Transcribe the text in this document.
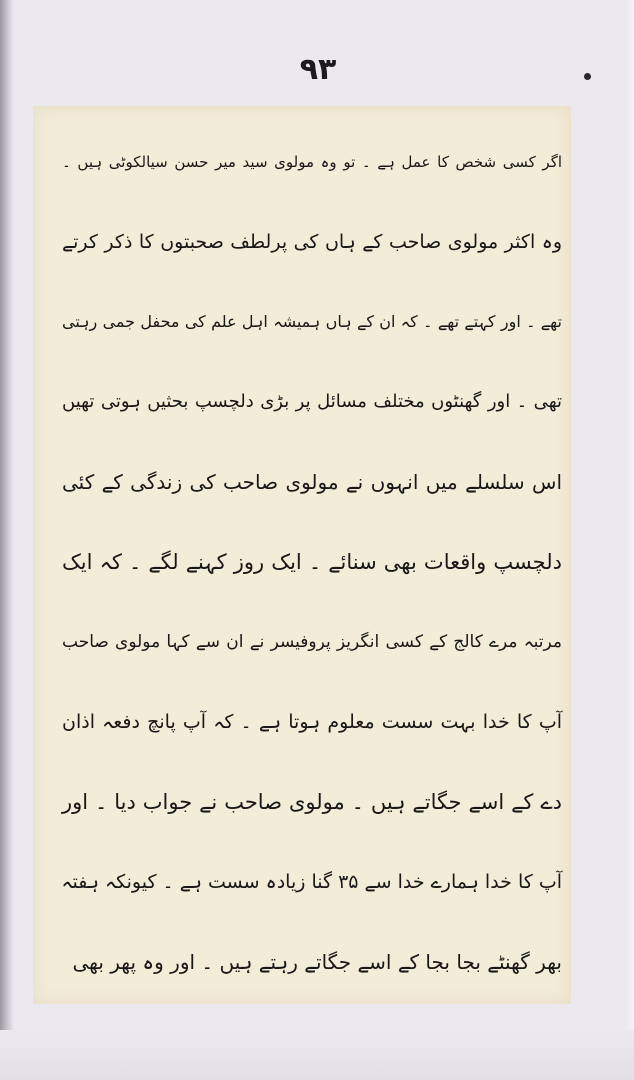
۹۳
اگر کسی شخص کا عمل ہے ۔ تو وہ مولوی سید میر حسن سیالکوٹی ہیں ۔
وہ اکثر مولوی صاحب کے ہاں کی پرلطف صحبتوں کا ذکر کرتے
تھے ۔ اور کہتے تھے ۔ کہ ان کے ہاں ہمیشہ اہل علم کی محفل جمی رہتی
تھی ۔ اور گھنٹوں مختلف مسائل پر بڑی دلچسپ بحثیں ہوتی تھیں
اس سلسلے میں انہوں نے مولوی صاحب کی زندگی کے کئی
دلچسپ واقعات بھی سنائے ۔ ایک روز کہنے لگے ۔ کہ ایک
مرتبہ مرے کالج کے کسی انگریز پروفیسر نے ان سے کہا مولوی صاحب
آپ کا خدا بہت سست معلوم ہوتا ہے ۔ کہ آپ پانچ دفعہ اذان
دے کے اسے جگاتے ہیں ۔ مولوی صاحب نے جواب دیا ۔ اور
آپ کا خدا ہمارے خدا سے ۳۵ گنا زیادہ سست ہے ۔ کیونکہ ہفتہ
بھر گھنٹے بجا بجا کے اسے جگاتے رہتے ہیں ۔ اور وہ پھر بھی
